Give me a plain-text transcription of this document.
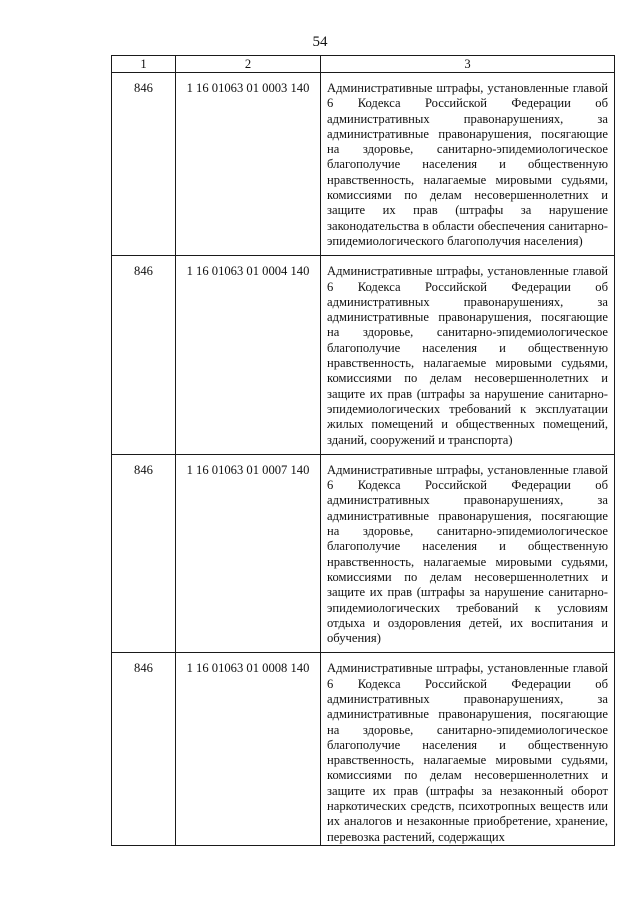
54
1	2	3
846	1 16 01063 01 0003 140	Административные штрафы, установленные главой 6 Кодекса Российской Федерации об административных правонарушениях, за административные правонарушения, посягающие на здоровье, санитарно-эпидемиологическое благополучие населения и общественную нравственность, налагаемые мировыми судьями, комиссиями по делам несовершеннолетних и защите их прав (штрафы за нарушение законодательства в области обеспечения санитарно-эпидемиологического благополучия населения)
846	1 16 01063 01 0004 140	Административные штрафы, установленные главой 6 Кодекса Российской Федерации об административных правонарушениях, за административные правонарушения, посягающие на здоровье, санитарно-эпидемиологическое благополучие населения и общественную нравственность, налагаемые мировыми судьями, комиссиями по делам несовершеннолетних и защите их прав (штрафы за нарушение санитарно-эпидемиологических требований к эксплуатации жилых помещений и общественных помещений, зданий, сооружений и транспорта)
846	1 16 01063 01 0007 140	Административные штрафы, установленные главой 6 Кодекса Российской Федерации об административных правонарушениях, за административные правонарушения, посягающие на здоровье, санитарно-эпидемиологическое благополучие населения и общественную нравственность, налагаемые мировыми судьями, комиссиями по делам несовершеннолетних и защите их прав (штрафы за нарушение санитарно-эпидемиологических требований к условиям отдыха и оздоровления детей, их воспитания и обучения)
846	1 16 01063 01 0008 140	Административные штрафы, установленные главой 6 Кодекса Российской Федерации об административных правонарушениях, за административные правонарушения, посягающие на здоровье, санитарно-эпидемиологическое благополучие населения и общественную нравственность, налагаемые мировыми судьями, комиссиями по делам несовершеннолетних и защите их прав (штрафы за незаконный оборот наркотических средств, психотропных веществ или их аналогов и незаконные приобретение, хранение, перевозка растений, содержащих
